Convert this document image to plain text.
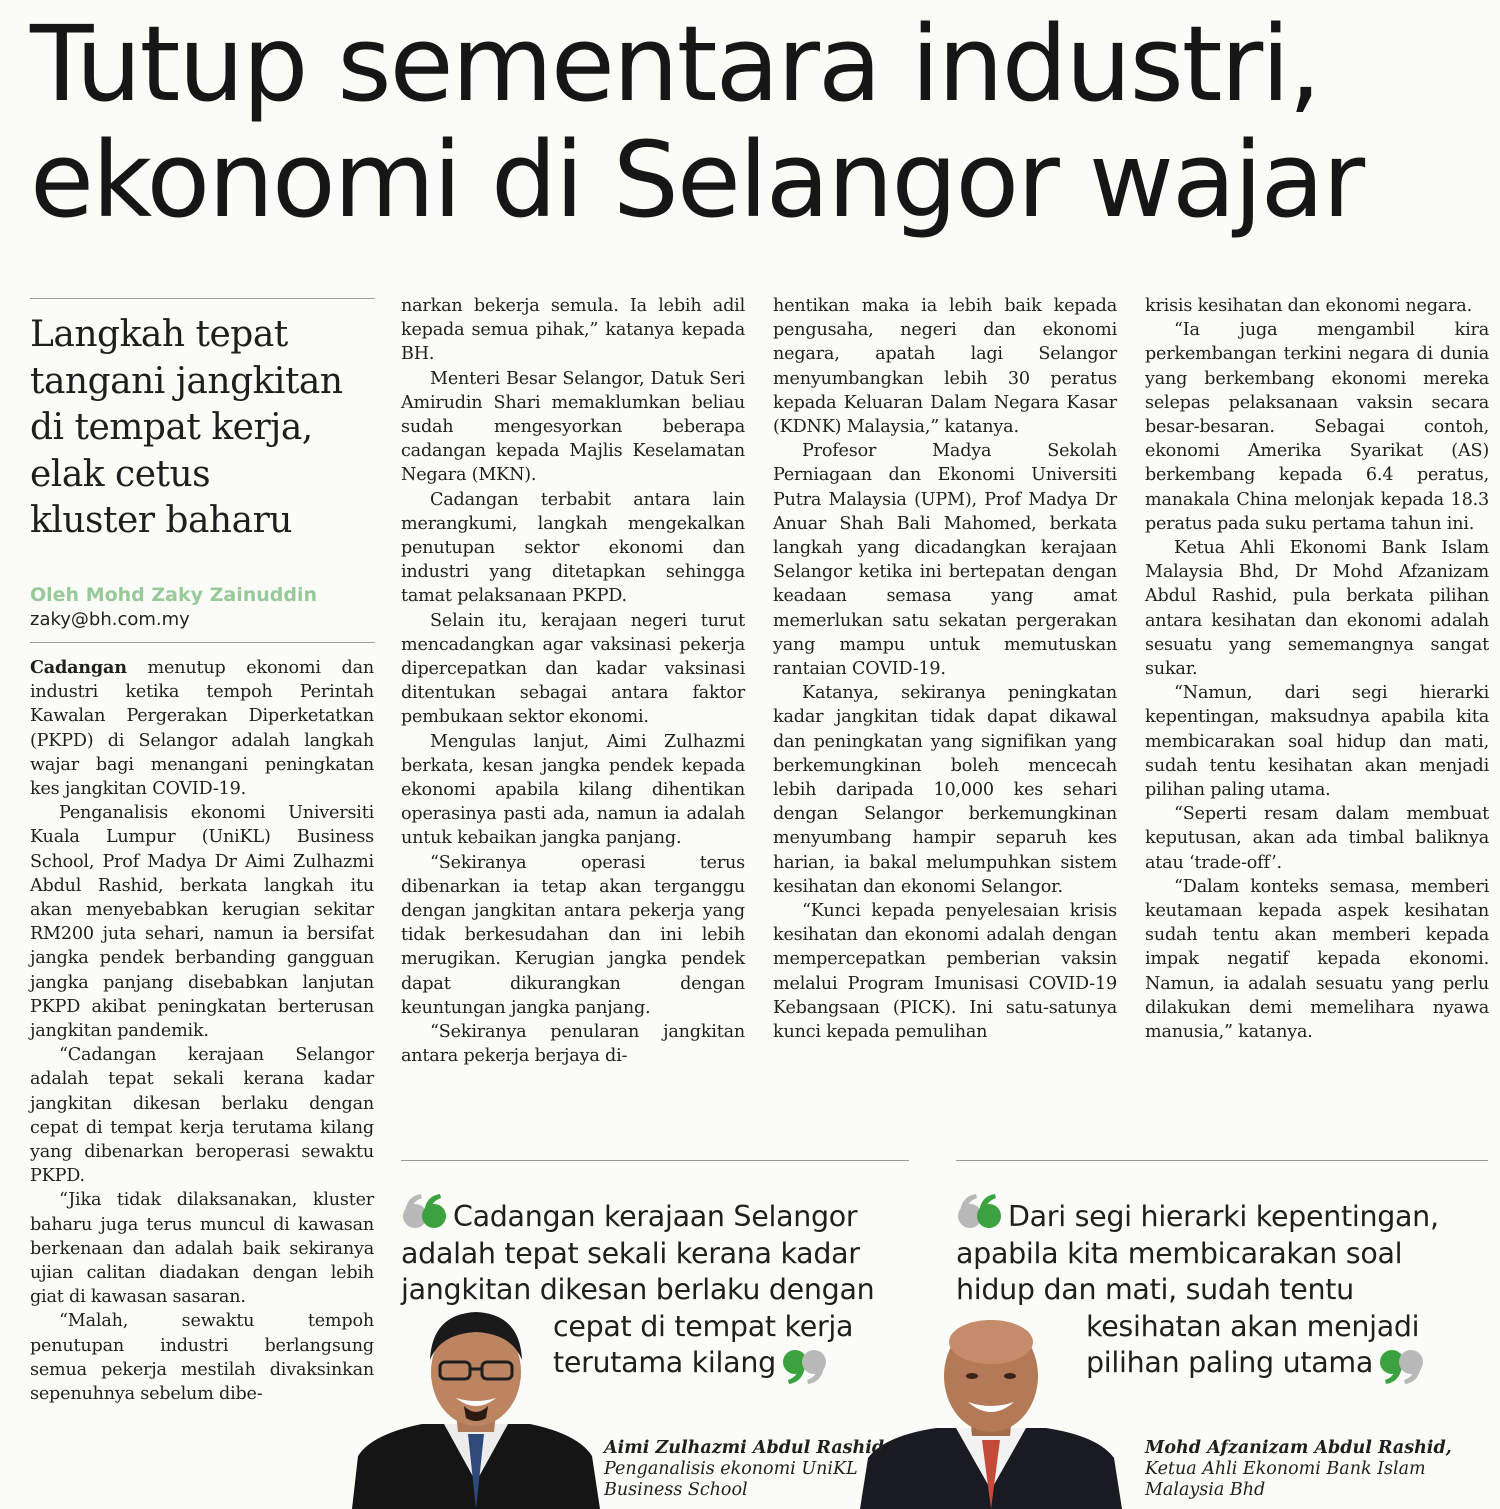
Tutup sementara industri,
ekonomi di Selangor wajar
Langkah tepat
tangani jangkitan
di tempat kerja,
elak cetus
kluster baharu
Oleh Mohd Zaky Zainuddin
zaky@bh.com.my

Cadangan menutup ekonomi dan industri ketika tempoh Perintah Kawalan Pergerakan Diperketatkan (PKPD) di Selangor adalah langkah wajar bagi menangani peningkatan kes jangkitan COVID-19.

Penganalisis ekonomi Universiti Kuala Lumpur (UniKL) Business School, Prof Madya Dr Aimi Zulhazmi Abdul Rashid, berkata langkah itu akan menyebabkan kerugian sekitar RM200 juta sehari, namun ia bersifat jangka pendek berbanding gangguan jangka panjang disebabkan lanjutan PKPD akibat peningkatan berterusan jangkitan pandemik.

“Cadangan kerajaan Selangor adalah tepat sekali kerana kadar jangkitan dikesan berlaku dengan cepat di tempat kerja terutama kilang yang dibenarkan beroperasi sewaktu PKPD.

“Jika tidak dilaksanakan, kluster baharu juga terus muncul di kawasan berkenaan dan adalah baik sekiranya ujian calitan diadakan dengan lebih giat di kawasan sasaran.

“Malah, sewaktu tempoh penutupan industri berlangsung semua pekerja mestilah divaksinkan sepenuhnya sebelum dibe-

narkan bekerja semula. Ia lebih adil kepada semua pihak,” katanya kepada BH.

Menteri Besar Selangor, Datuk Seri Amirudin Shari memaklumkan beliau sudah mengesyorkan beberapa cadangan kepada Majlis Keselamatan Negara (MKN).

Cadangan terbabit antara lain merangkumi, langkah mengekalkan penutupan sektor ekonomi dan industri yang ditetapkan sehingga tamat pelaksanaan PKPD.

Selain itu, kerajaan negeri turut mencadangkan agar vaksinasi pekerja dipercepatkan dan kadar vaksinasi ditentukan sebagai antara faktor pembukaan sektor ekonomi.

Mengulas lanjut, Aimi Zulhazmi berkata, kesan jangka pendek kepada ekonomi apabila kilang dihentikan operasinya pasti ada, namun ia adalah untuk kebaikan jangka panjang.

“Sekiranya operasi terus dibenarkan ia tetap akan terganggu dengan jangkitan antara pekerja yang tidak berkesudahan dan ini lebih merugikan. Kerugian jangka pendek dapat dikurangkan dengan keuntungan jangka panjang.

“Sekiranya penularan jangkitan antara pekerja berjaya di-

hentikan maka ia lebih baik kepada pengusaha, negeri dan ekonomi negara, apatah lagi Selangor menyumbangkan lebih 30 peratus kepada Keluaran Dalam Negara Kasar (KDNK) Malaysia,” katanya.

Profesor Madya Sekolah Perniagaan dan Ekonomi Universiti Putra Malaysia (UPM), Prof Madya Dr Anuar Shah Bali Mahomed, berkata langkah yang dicadangkan kerajaan Selangor ketika ini bertepatan dengan keadaan semasa yang amat memerlukan satu sekatan pergerakan yang mampu untuk memutuskan rantaian COVID-19.

Katanya, sekiranya peningkatan kadar jangkitan tidak dapat dikawal dan peningkatan yang signifikan yang berkemungkinan boleh mencecah lebih daripada 10,000 kes sehari dengan Selangor berkemungkinan menyumbang hampir separuh kes harian, ia bakal melumpuhkan sistem kesihatan dan ekonomi Selangor.

“Kunci kepada penyelesaian krisis kesihatan dan ekonomi adalah dengan mempercepatkan pemberian vaksin melalui Program Imunisasi COVID-19 Kebangsaan (PICK). Ini satu-satunya kunci kepada pemulihan

krisis kesihatan dan ekonomi negara.

“Ia juga mengambil kira perkembangan terkini negara di dunia yang berkembang ekonomi mereka selepas pelaksanaan vaksin secara besar-besaran. Sebagai contoh, ekonomi Amerika Syarikat (AS) berkembang kepada 6.4 peratus, manakala China melonjak kepada 18.3 peratus pada suku pertama tahun ini.

Ketua Ahli Ekonomi Bank Islam Malaysia Bhd, Dr Mohd Afzanizam Abdul Rashid, pula berkata pilihan antara kesihatan dan ekonomi adalah sesuatu yang sememangnya sangat sukar.

“Namun, dari segi hierarki kepentingan, maksudnya apabila kita membicarakan soal hidup dan mati, sudah tentu kesihatan akan menjadi pilihan paling utama.

“Seperti resam dalam membuat keputusan, akan ada timbal baliknya atau ‘trade-off’.

“Dalam konteks semasa, memberi keutamaan kepada aspek kesihatan sudah tentu akan memberi kepada impak negatif kepada ekonomi. Namun, ia adalah sesuatu yang perlu dilakukan demi memelihara nyawa manusia,” katanya.

Cadangan kerajaan Selangor
adalah tepat sekali kerana kadar
jangkitan dikesan berlaku dengan
cepat di tempat kerja
terutama kilang
Dari segi hierarki kepentingan,
apabila kita membicarakan soal
hidup dan mati, sudah tentu
kesihatan akan menjadi
pilihan paling utama
Aimi Zulhazmi Abdul Rashid,
Penganalisis ekonomi UniKL
Business School
Mohd Afzanizam Abdul Rashid,
Ketua Ahli Ekonomi Bank Islam
Malaysia Bhd
